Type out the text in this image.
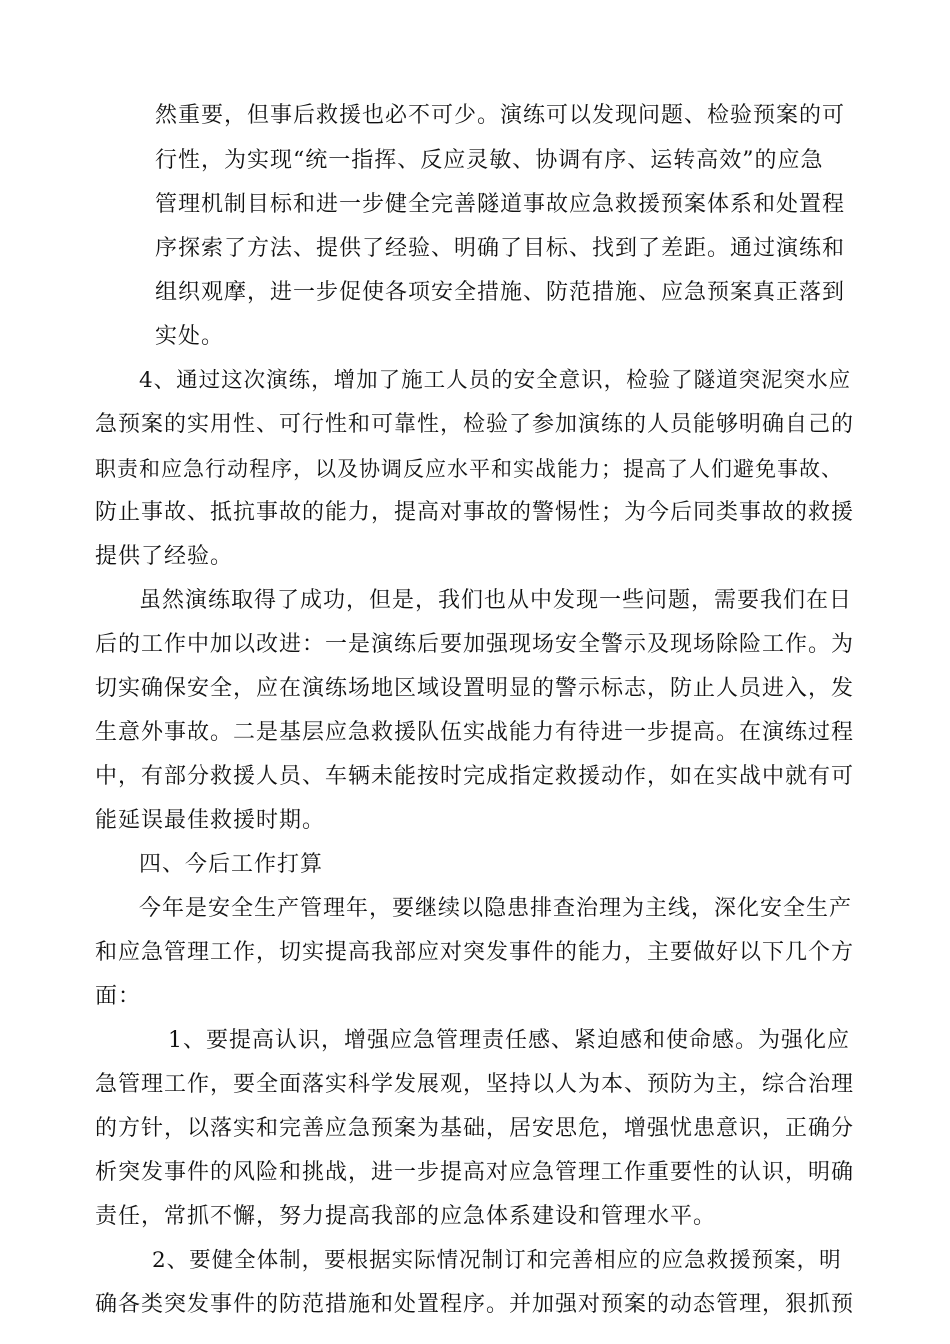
然重要，但事后救援也必不可少。演练可以发现问题、检验预案的可
行性，为实现“统一指挥、反应灵敏、协调有序、运转高效”的应急
管理机制目标和进一步健全完善隧道事故应急救援预案体系和处置程
序探索了方法、提供了经验、明确了目标、找到了差距。通过演练和
组织观摩，进一步促使各项安全措施、防范措施、应急预案真正落到
实处。
4、通过这次演练，增加了施工人员的安全意识，检验了隧道突泥突水应
急预案的实用性、可行性和可靠性，检验了参加演练的人员能够明确自己的
职责和应急行动程序，以及协调反应水平和实战能力；提高了人们避免事故、
防止事故、抵抗事故的能力，提高对事故的警惕性；为今后同类事故的救援
提供了经验。
虽然演练取得了成功，但是，我们也从中发现一些问题，需要我们在日
后的工作中加以改进：一是演练后要加强现场安全警示及现场除险工作。为
切实确保安全，应在演练场地区域设置明显的警示标志，防止人员进入，发
生意外事故。二是基层应急救援队伍实战能力有待进一步提高。在演练过程
中，有部分救援人员、车辆未能按时完成指定救援动作，如在实战中就有可
能延误最佳救援时期。
四、今后工作打算
今年是安全生产管理年，要继续以隐患排查治理为主线，深化安全生产
和应急管理工作，切实提高我部应对突发事件的能力，主要做好以下几个方
面：
1、要提高认识，增强应急管理责任感、紧迫感和使命感。为强化应
急管理工作，要全面落实科学发展观，坚持以人为本、预防为主，综合治理
的方针，以落实和完善应急预案为基础，居安思危，增强忧患意识，正确分
析突发事件的风险和挑战，进一步提高对应急管理工作重要性的认识，明确
责任，常抓不懈，努力提高我部的应急体系建设和管理水平。
2、要健全体制，要根据实际情况制订和完善相应的应急救援预案，明
确各类突发事件的防范措施和处置程序。并加强对预案的动态管理，狠抓预
